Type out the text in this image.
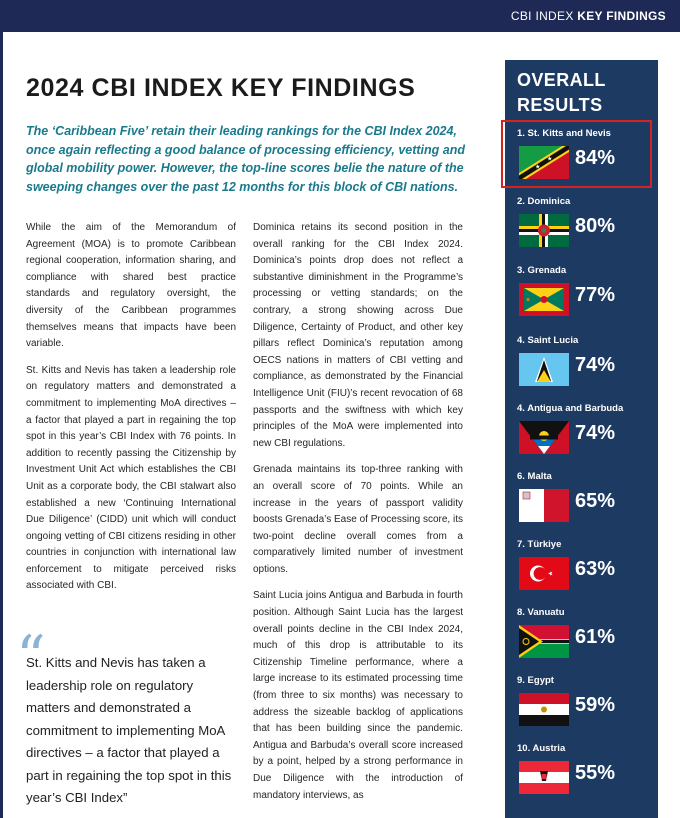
CBI INDEX KEY FINDINGS
2024 CBI INDEX KEY FINDINGS
The ‘Caribbean Five’ retain their leading rankings for the CBI Index 2024, once again reflecting a good balance of processing efficiency, vetting and global mobility power. However, the top-line scores belie the nature of the sweeping changes over the past 12 months for this block of CBI nations.

While the aim of the Memorandum of Agreement (MOA) is to promote Caribbean regional cooperation, information sharing, and compliance with shared best practice standards and regulatory oversight, the diversity of the Caribbean programmes themselves means that impacts have been variable.

St. Kitts and Nevis has taken a leadership role on regulatory matters and demonstrated a commitment to implementing MoA directives – a factor that played a part in regaining the top spot in this year’s CBI Index with 76 points. In addition to recently passing the Citizenship by Investment Unit Act which establishes the CBI Unit as a corporate body, the CBI stalwart also established a new ‘Continuing International Due Diligence’ (CIDD) unit which will conduct ongoing vetting of CBI citizens residing in other countries in conjunction with international law enforcement to mitigate perceived risks associated with CBI.

Dominica retains its second position in the overall ranking for the CBI Index 2024. Dominica’s points drop does not reflect a substantive diminishment in the Programme’s processing or vetting standards; on the contrary, a strong showing across Due Diligence, Certainty of Product, and other key pillars reflect Dominica’s reputation among OECS nations in matters of CBI vetting and compliance, as demonstrated by the Financial Intelligence Unit (FIU)’s recent revocation of 68 passports and the swiftness with which key principles of the MoA were implemented into new CBI regulations.

Grenada maintains its top-three ranking with an overall score of 70 points. While an increase in the years of passport validity boosts Grenada’s Ease of Processing score, its two-point decline overall comes from a comparatively limited number of investment options.

Saint Lucia joins Antigua and Barbuda in fourth position. Although Saint Lucia has the largest overall points decline in the CBI Index 2024, much of this drop is attributable to its Citizenship Timeline performance, where a large increase to its estimated processing time (from three to six months) was necessary to address the sizeable backlog of applications that has been building since the pandemic. Antigua and Barbuda’s overall score increased by a point, helped by a strong performance in Due Diligence with the introduction of mandatory interviews, as

“
St. Kitts and Nevis has taken a leadership role on regulatory matters and demonstrated a commitment to implementing MoA directives – a factor that played a part in regaining the top spot in this year’s CBI Index”
OVERALL
RESULTS
1. St. Kitts and Nevis
★
★ 84%
2. Dominica
80%
3. Grenada
77%
4. Saint Lucia
74%
4. Antigua and Barbuda
74%
6. Malta
65%
7. Türkiye
63%
8. Vanuatu
61%
9. Egypt
59%
10. Austria
55%
